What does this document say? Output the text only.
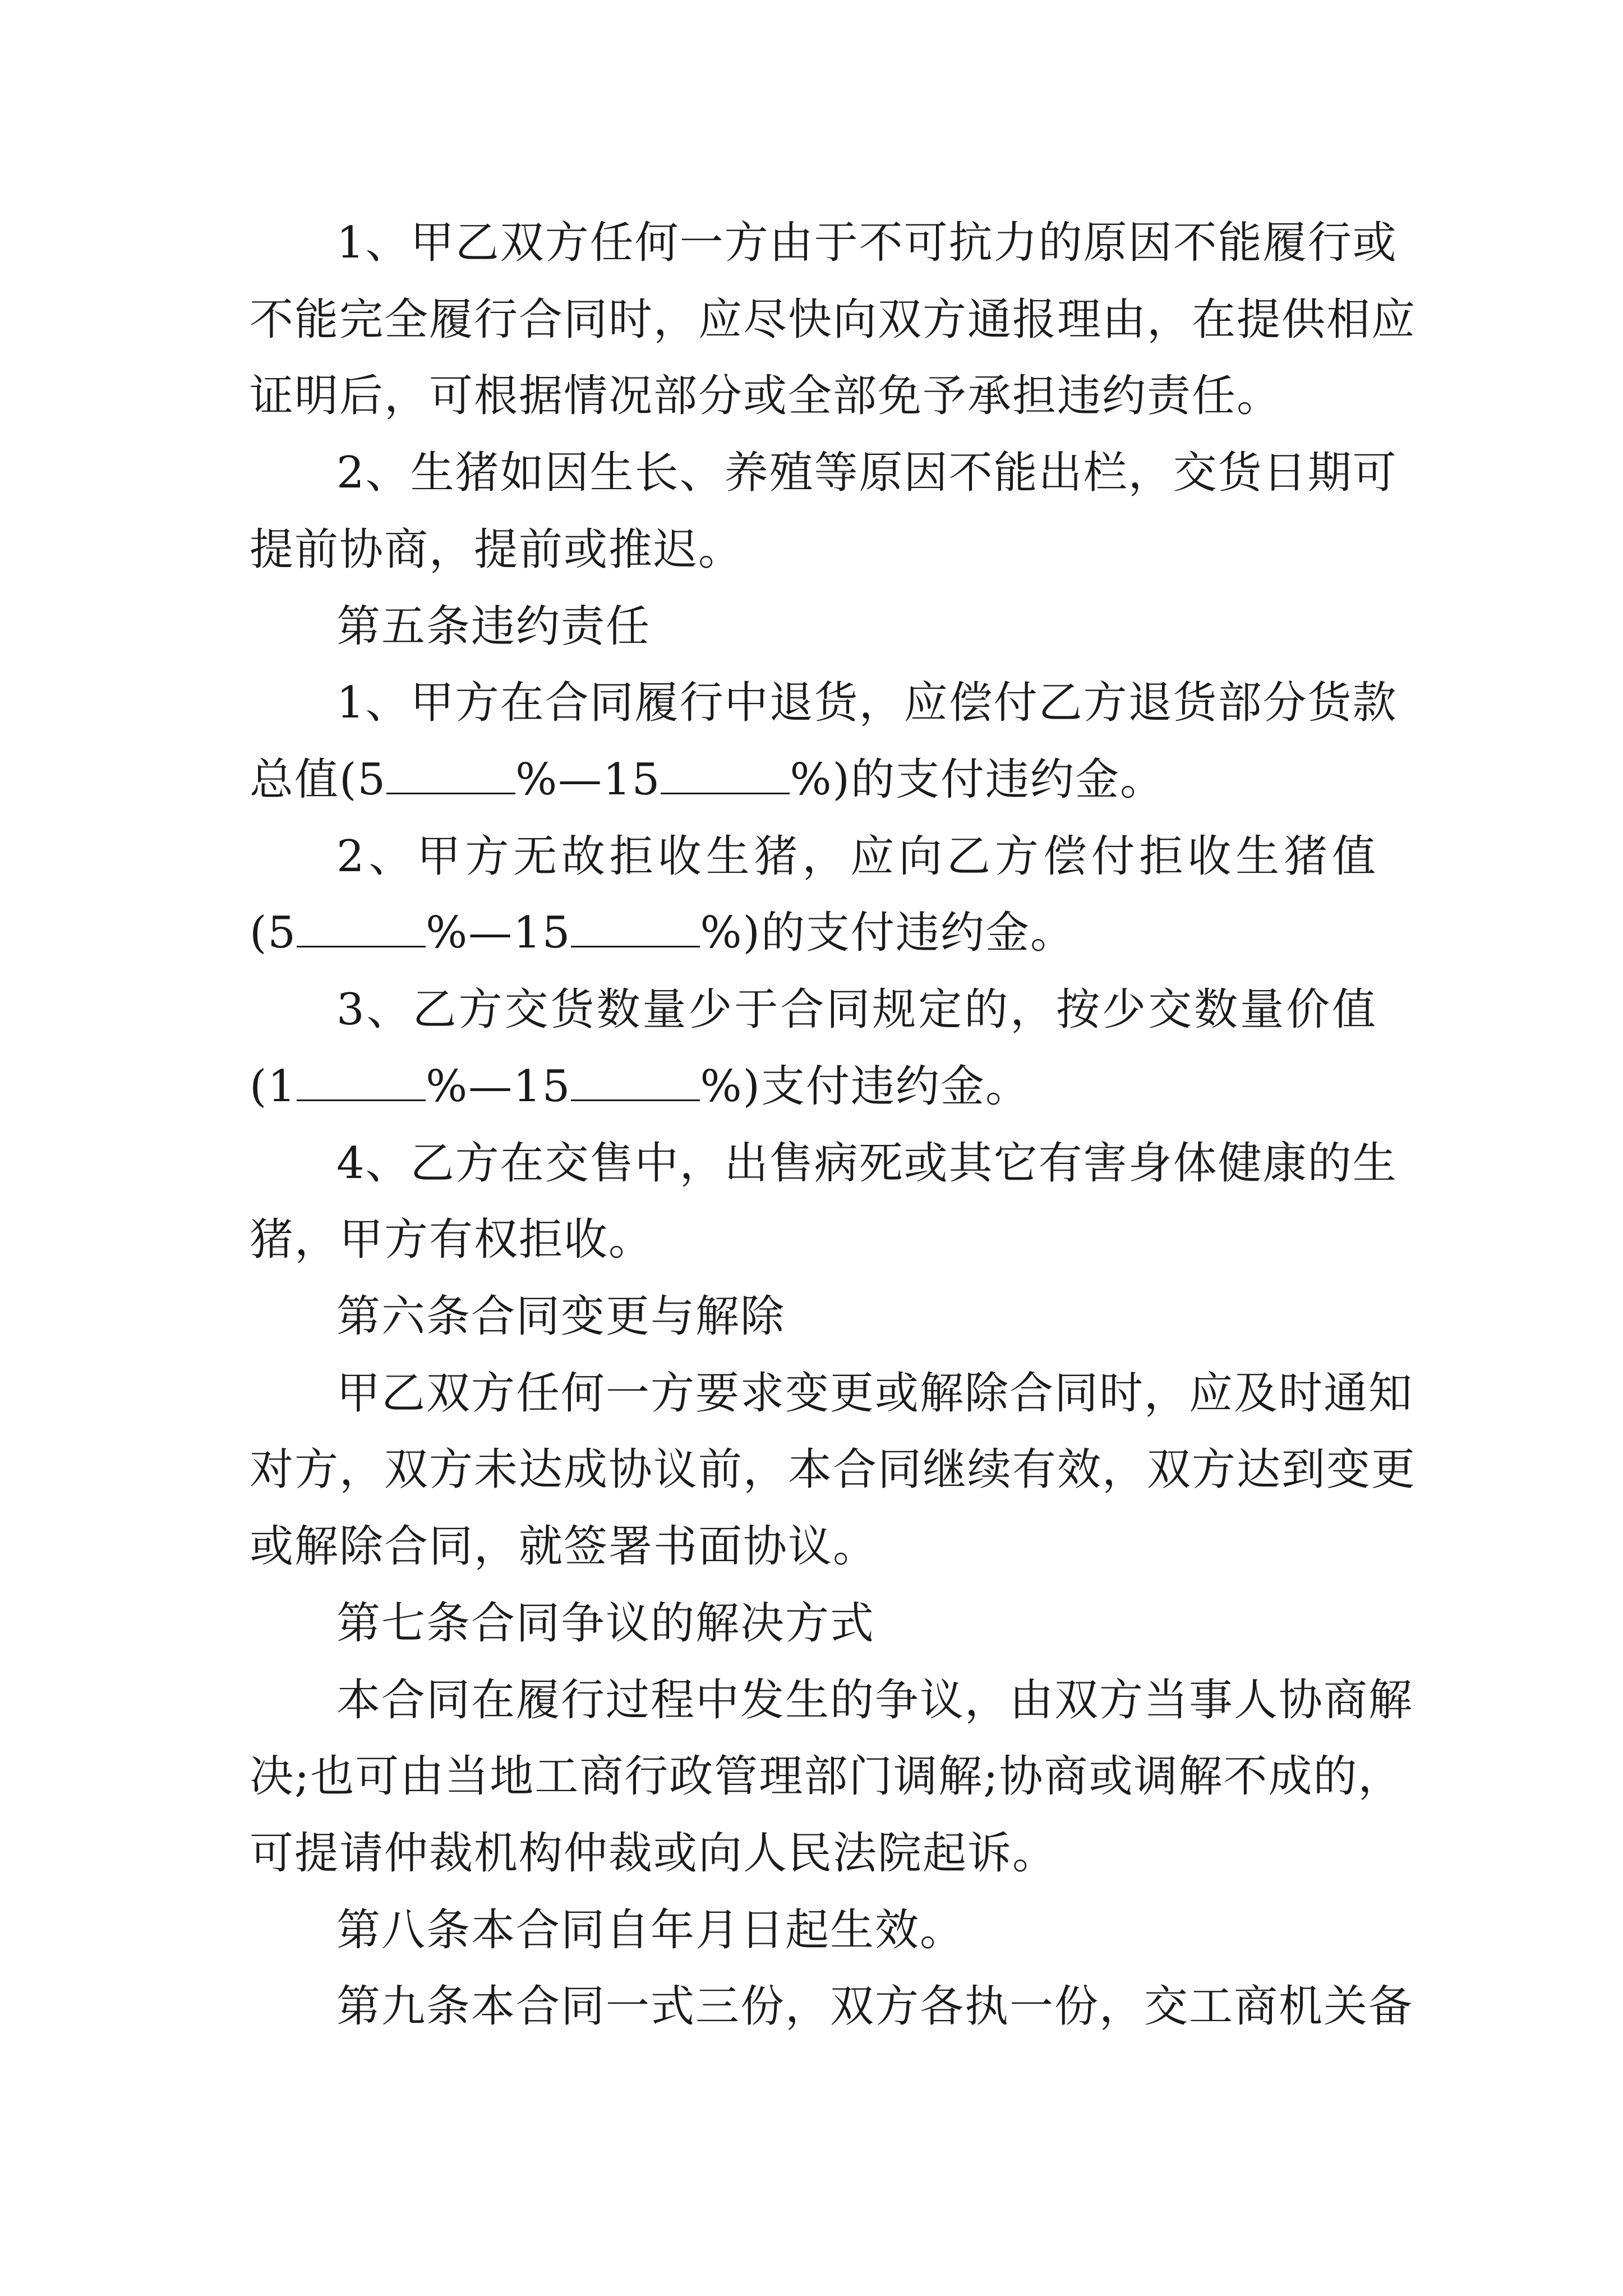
1、甲乙双方任何一方由于不可抗力的原因不能履行或
不能完全履行合同时，应尽快向双方通报理由，在提供相应
证明后，可根据情况部分或全部免予承担违约责任。
2、生猪如因生长、养殖等原因不能出栏，交货日期可
提前协商，提前或推迟。
第五条违约责任
1、甲方在合同履行中退货，应偿付乙方退货部分货款
总值(5	%—15	%)的支付违约金。
2、甲方无故拒收生猪，应向乙方偿付拒收生猪值
(5	%—15	%)的支付违约金。
3、乙方交货数量少于合同规定的，按少交数量价值
(1	%—15	%)支付违约金。
4、乙方在交售中，出售病死或其它有害身体健康的生
猪，甲方有权拒收。
第六条合同变更与解除
甲乙双方任何一方要求变更或解除合同时，应及时通知
对方，双方未达成协议前，本合同继续有效，双方达到变更
或解除合同，就签署书面协议。
第七条合同争议的解决方式
本合同在履行过程中发生的争议，由双方当事人协商解
决;也可由当地工商行政管理部门调解;协商或调解不成的，
可提请仲裁机构仲裁或向人民法院起诉。
第八条本合同自年月日起生效。
第九条本合同一式三份，双方各执一份，交工商机关备
